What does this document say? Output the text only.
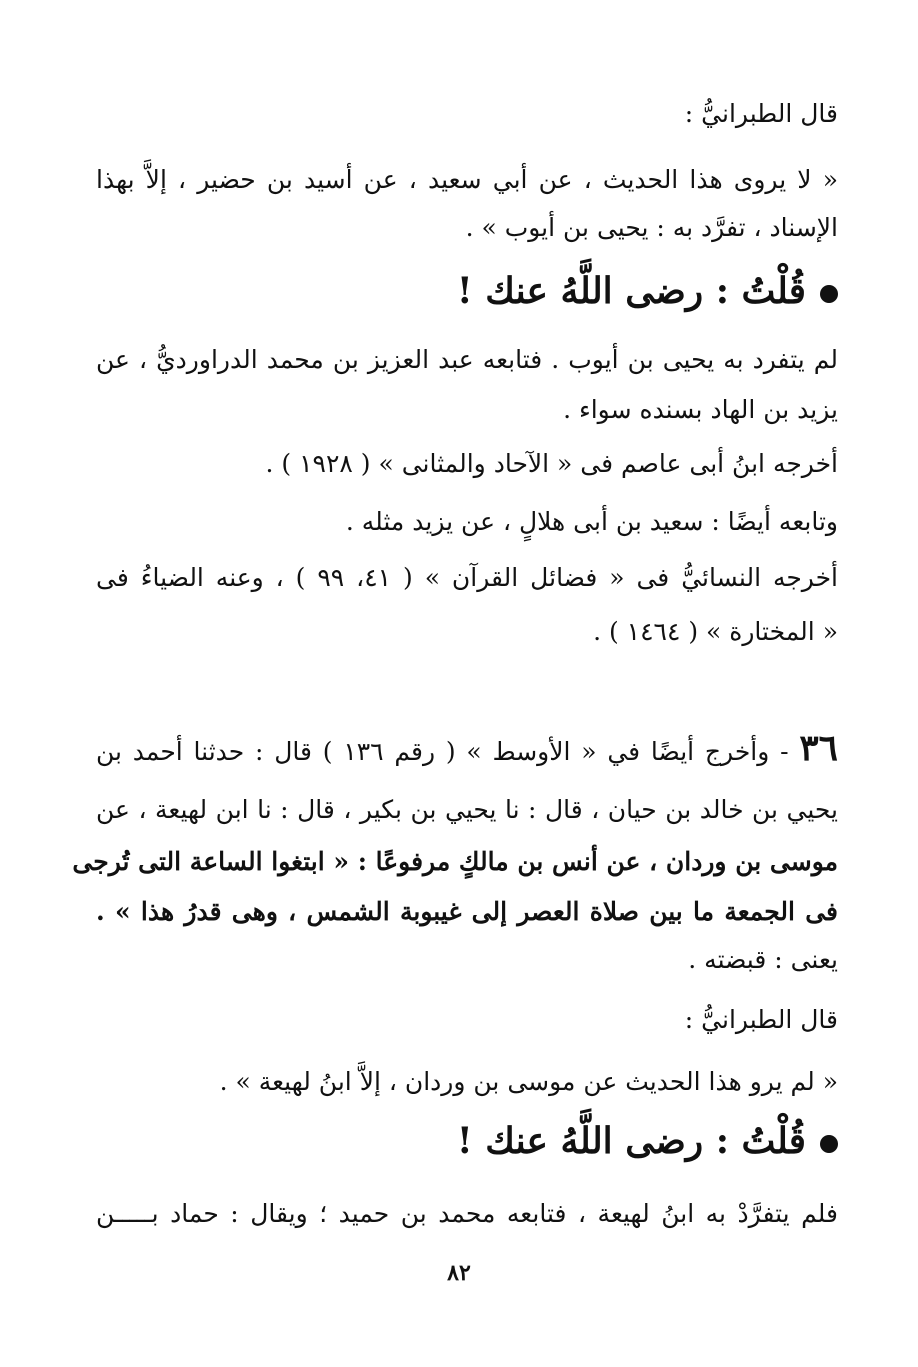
قال الطبرانيُّ :
« لا يروى هذا الحديث ، عن أبي سعيد ، عن أسيد بن حضير ، إلاَّ بهذا
الإسناد ، تفرَّد به : يحيى بن أيوب » .
قُلْتُ : رضى اللَّهُ عنك !
لم يتفرد به يحيى بن أيوب . فتابعه عبد العزيز بن محمد الدراورديُّ ، عن
يزيد بن الهاد بسنده سواء .
أخرجه ابنُ أبى عاصم فى « الآحاد والمثانى » ( ١٩٢٨ ) .
وتابعه أيضًا : سعيد بن أبى هلالٍ ، عن يزيد مثله .
أخرجه النسائيُّ فى « فضائل القرآن » ( ٤١، ٩٩ ) ، وعنه الضياءُ فى
« المختارة » ( ١٤٦٤ ) .
٣٦ - وأخرج أيضًا في « الأوسط » ( رقم ١٣٦ ) قال : حدثنا أحمد بن
يحيي بن خالد بن حيان ، قال : نا يحيي بن بكير ، قال : نا ابن لهيعة ، عن
موسى بن وردان ، عن أنس بن مالكٍ مرفوعًا : « ابتغوا الساعة التى تُرجى
فى الجمعة ما بين صلاة العصر إلى غيبوبة الشمس ، وهى قدرُ هذا » .
يعنى : قبضته .
قال الطبرانيُّ :
« لم يرو هذا الحديث عن موسى بن وردان ، إلاَّ ابنُ لهيعة » .
قُلْتُ : رضى اللَّهُ عنك !
فلم يتفرَّدْ به ابنُ لهيعة ، فتابعه محمد بن حميد ؛ ويقال : حماد بـــــن
٨٢
